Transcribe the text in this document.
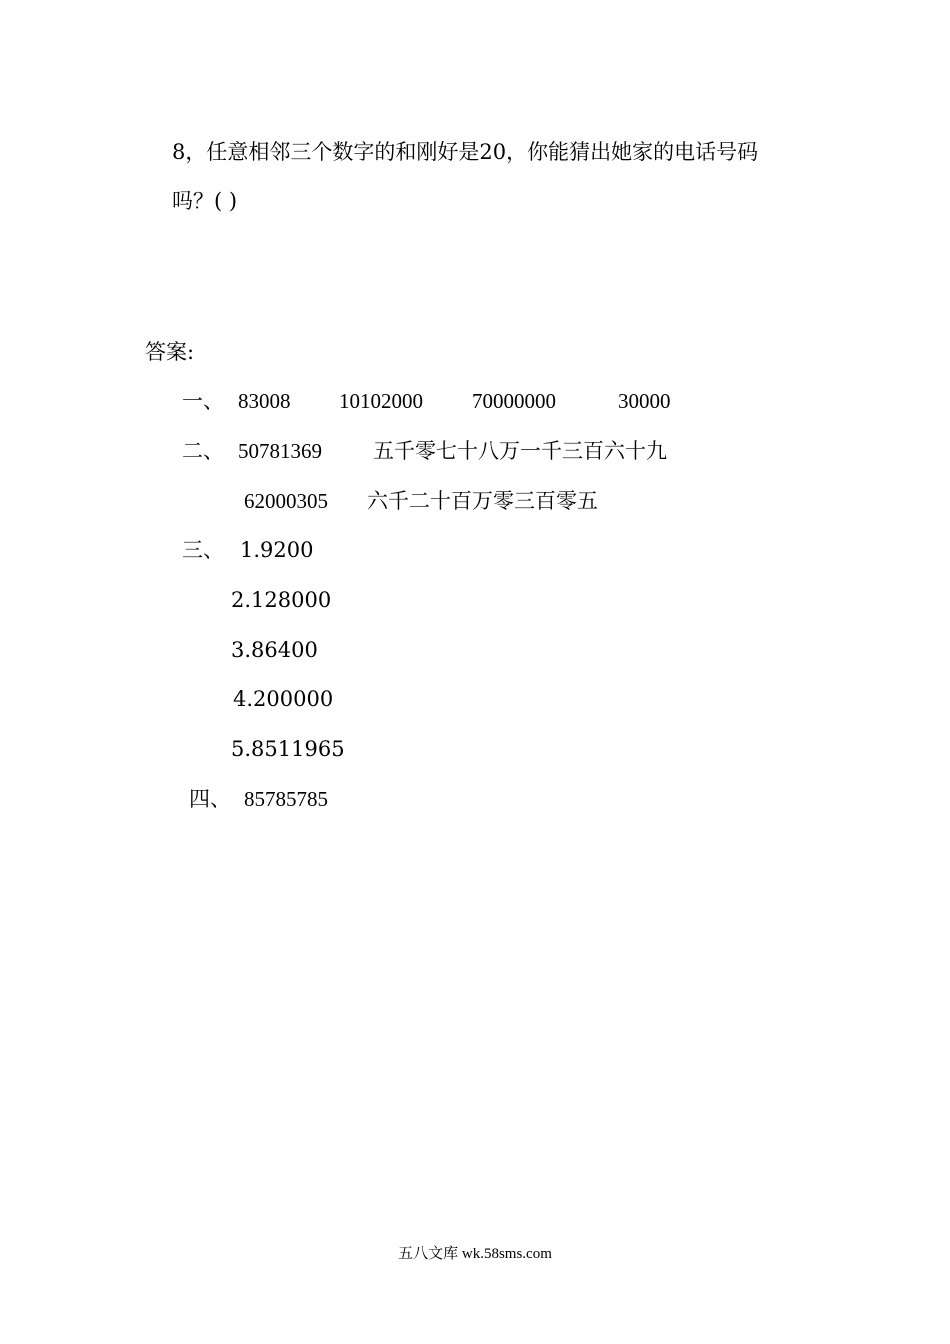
8，任意相邻三个数字的和刚好是20，你能猜出她家的电话号码
吗？( )
答案:
一、 83008 10102000 70000000	30000
二、 50781369 五千零七十八万一千三百六十九
62000305 六千二十百万零三百零五
三、 1.9200
2.128000
3.86400
4.200000
5.8511965
四、 85785785
五八文库 wk.58sms.com
